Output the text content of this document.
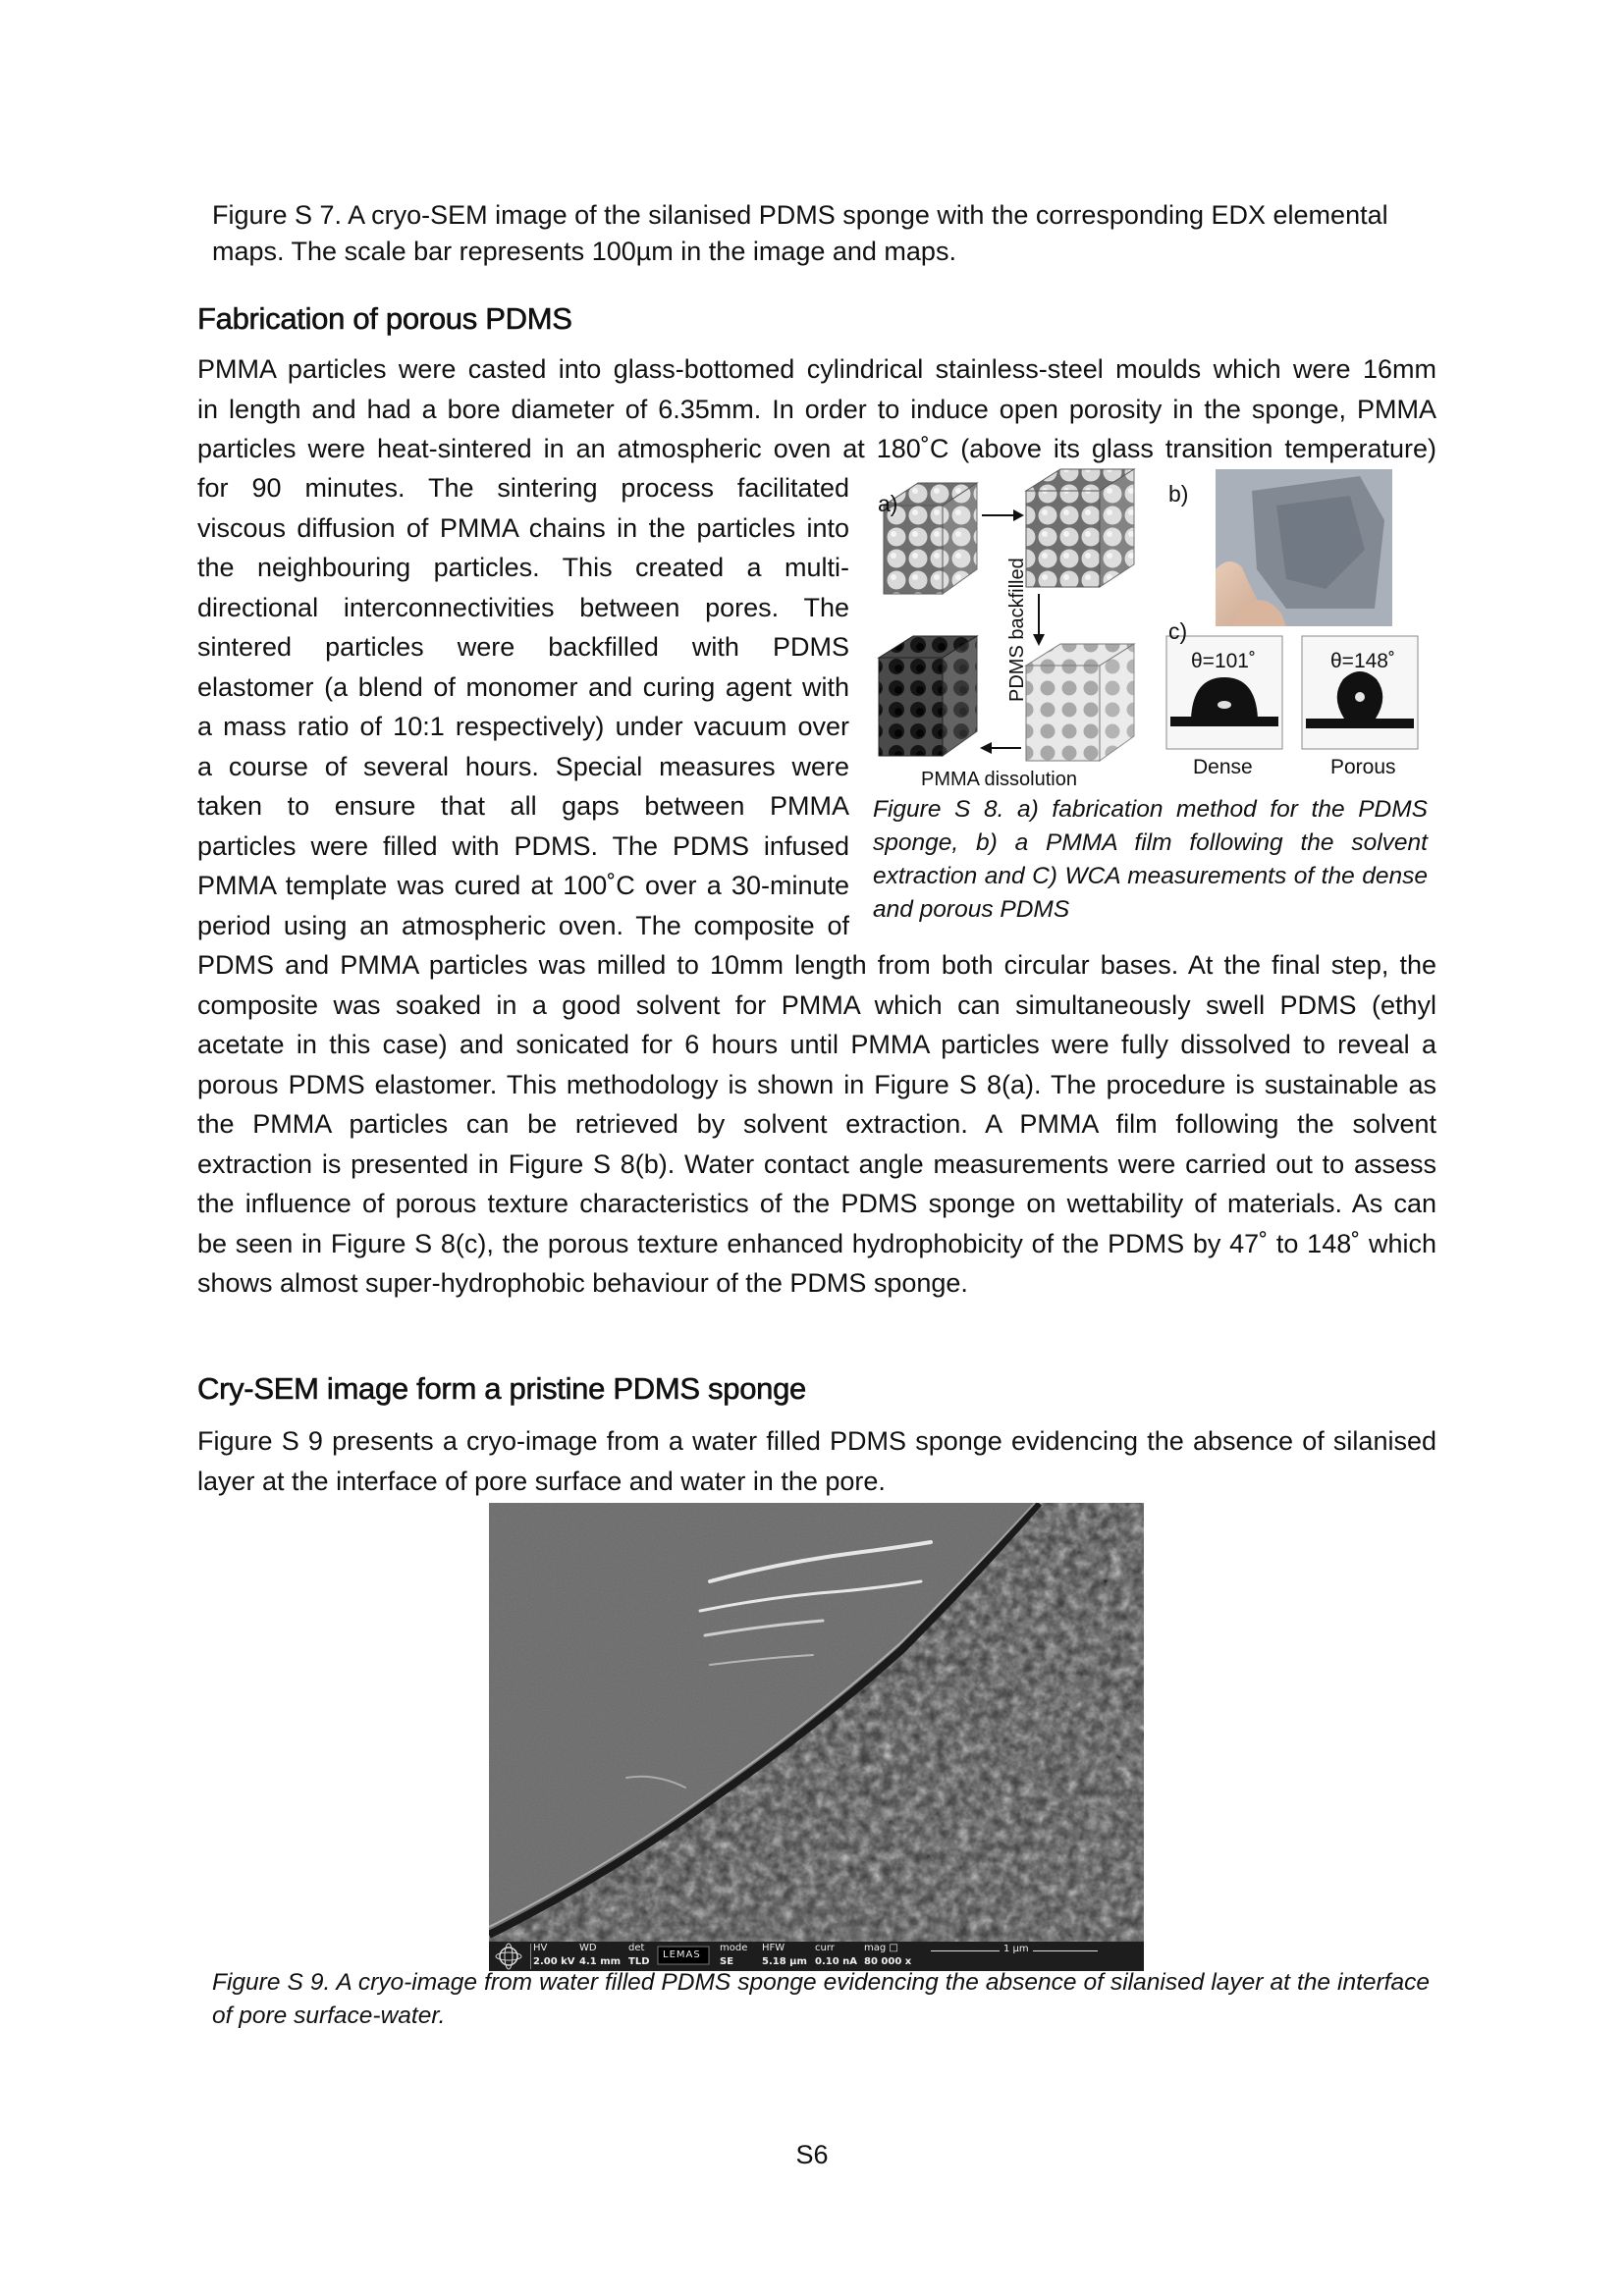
Figure S 7. A cryo-SEM image of the silanised PDMS sponge with the corresponding EDX elemental maps. The scale bar represents 100µm in the image and maps.

Fabrication of porous PDMS
PMMA particles were casted into glass-bottomed cylindrical stainless-steel moulds which were 16mm
in length and had a bore diameter of 6.35mm. In order to induce open porosity in the sponge, PMMA
particles were heat-sintered in an atmospheric oven at 180˚C (above its glass transition temperature)
for 90 minutes. The sintering process facilitated
viscous diffusion of PMMA chains in the particles into
the neighbouring particles. This created a multi-
directional interconnectivities between pores. The
sintered particles were backfilled with PDMS
elastomer (a blend of monomer and curing agent with
a mass ratio of 10:1 respectively) under vacuum over
a course of several hours. Special measures were
taken to ensure that all gaps between PMMA
particles were filled with PDMS. The PDMS infused
PMMA template was cured at 100˚C over a 30-minute
period using an atmospheric oven. The composite of
PDMS and PMMA particles was milled to 10mm length from both circular bases. At the final step, the
composite was soaked in a good solvent for PMMA which can simultaneously swell PDMS (ethyl
acetate in this case) and sonicated for 6 hours until PMMA particles were fully dissolved to reveal a
porous PDMS elastomer. This methodology is shown in Figure S 8(a). The procedure is sustainable as
the PMMA particles can be retrieved by solvent extraction. A PMMA film following the solvent
extraction is presented in Figure S 8(b). Water contact angle measurements were carried out to assess
the influence of porous texture characteristics of the PDMS sponge on wettability of materials. As can
be seen in Figure S 8(c), the porous texture enhanced hydrophobicity of the PDMS by 47˚ to 148˚ which
shows almost super-hydrophobic behaviour of the PDMS sponge.

a)	b)

c)

PDMS backfilled

PMMA dissolution

θ=101˚	θ=148˚

Dense	Porous

Figure S 8. a) fabrication method for the PDMS sponge, b) a PMMA film following the solvent extraction and C) WCA measurements of the dense and porous PDMS

Cry-SEM image form a pristine PDMS sponge
Figure S 9 presents a cryo-image from a water filled PDMS sponge evidencing the absence of silanised
layer at the interface of pore surface and water in the pore.
HV
2.00 kV
WD
4.1 mm
det
TLD
LEMAS
mode
SE
HFW
5.18 µm
curr
0.10 nA
mag □
80 000 x
1 µm

Figure S 9. A cryo-image from water filled PDMS sponge evidencing the absence of silanised layer at the interface of pore surface-water.

S6
